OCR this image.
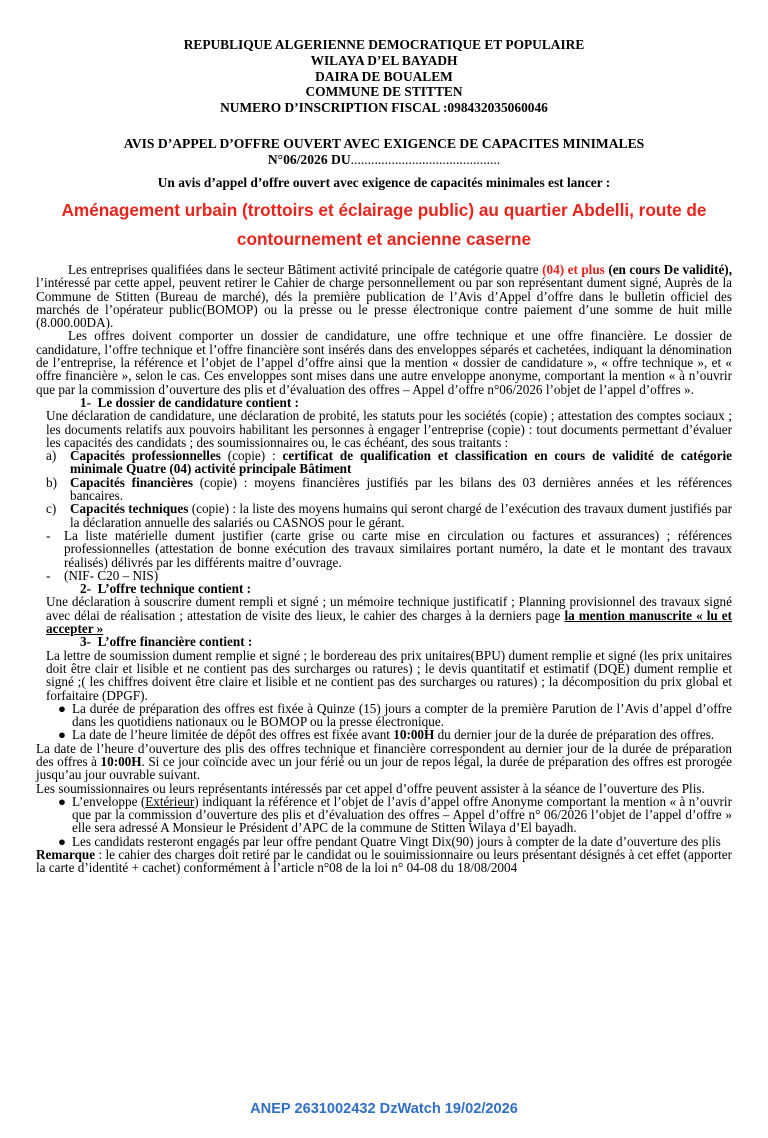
REPUBLIQUE ALGERIENNE DEMOCRATIQUE ET POPULAIRE
WILAYA D’EL BAYADH
DAIRA DE BOUALEM
COMMUNE DE STITTEN
NUMERO D’INSCRIPTION FISCAL :098432035060046
AVIS D’APPEL D’OFFRE OUVERT AVEC EXIGENCE DE CAPACITES MINIMALES
N°06/2026 DU............................................
Un avis d’appel d’offre ouvert avec exigence de capacités minimales est lancer :
Aménagement urbain (trottoirs et éclairage public) au quartier Abdelli, route de contournement et ancienne caserne

Les entreprises qualifiées dans le secteur Bâtiment activité principale de catégorie quatre (04) et plus (en cours De validité), l’intéressé par cette appel, peuvent retirer le Cahier de charge personnellement ou par son représentant dument signé, Auprès de la Commune de Stitten (Bureau de marché), dés la première publication de l’Avis d’Appel d’offre dans le bulletin officiel des marchés de l’opérateur public(BOMOP) ou la presse ou le presse électronique contre paiement d’une somme de huit mille (8.000.00DA).

Les offres doivent comporter un dossier de candidature, une offre technique et une offre financière. Le dossier de candidature, l’offre technique et l’offre financière sont insérés dans des enveloppes séparés et cachetées, indiquant la dénomination de l’entreprise, la référence et l’objet de l’appel d’offre ainsi que la mention « dossier de candidature », « offre technique », et « offre financière », selon le cas. Ces enveloppes sont mises dans une autre enveloppe anonyme, comportant la mention « à n’ouvrir que par la commission d’ouverture des plis et d’évaluation des offres – Appel d’offre n°06/2026 l’objet de l’appel d’offres ».

1- Le dossier de candidature contient :

Une déclaration de candidature, une déclaration de probité, les statuts pour les sociétés (copie) ; attestation des comptes sociaux ; les documents relatifs aux pouvoirs habilitant les personnes à engager l’entreprise (copie) : tout documents permettant d’évaluer les capacités des candidats ; des soumissionnaires ou, le cas échéant, des sous traitants :

a)	Capacités professionnelles (copie) : certificat de qualification et classification en cours de validité de catégorie minimale Quatre (04) activité principale Bâtiment
b) Capacités financières (copie) : moyens financières justifiés par les bilans des 03 dernières années et les références bancaires.
c)	Capacités techniques (copie) : la liste des moyens humains qui seront chargé de l’exécution des travaux dument justifiés par la déclaration annuelle des salariés ou CASNOS pour le gérant.
-	La liste matérielle dument justifier (carte grise ou carte mise en circulation ou factures et assurances) ; références professionnelles (attestation de bonne exécution des travaux similaires portant numéro, la date et le montant des travaux réalisés) délivrés par les différents maitre d’ouvrage.
-	(NIF- C20 – NIS)
2- L’offre technique contient :

Une déclaration à souscrire dument rempli et signé ; un mémoire technique justificatif ; Planning provisionnel des travaux signé avec délai de réalisation ; attestation de visite des lieux, le cahier des charges à la derniers page la mention manuscrite « lu et accepter »

3- L’offre financière contient :

La lettre de soumission dument remplie et signé ; le bordereau des prix unitaires(BPU) dument remplie et signé (les prix unitaires doit être clair et lisible et ne contient pas des surcharges ou ratures) ; le devis quantitatif et estimatif (DQE) dument remplie et signé ;( les chiffres doivent être claire et lisible et ne contient pas des surcharges ou ratures) ; la décomposition du prix global et forfaitaire (DPGF).

● La durée de préparation des offres est fixée à Quinze (15) jours a compter de la première Parution de l’Avis d’appel d’offre dans les quotidiens nationaux ou le BOMOP ou la presse électronique.
● La date de l’heure limitée de dépôt des offres est fixée avant 10:00H du dernier jour de la durée de préparation des offres.

La date de l’heure d’ouverture des plis des offres technique et financière correspondent au dernier jour de la durée de préparation des offres à 10:00H. Si ce jour coïncide avec un jour férié ou un jour de repos légal, la durée de préparation des offres est prorogée jusqu’au jour ouvrable suivant.

Les soumissionnaires ou leurs représentants intéressés par cet appel d’offre peuvent assister à la séance de l’ouverture des Plis.

● L’enveloppe (Extérieur) indiquant la référence et l’objet de l’avis d’appel offre Anonyme comportant la mention « à n’ouvrir que par la commission d’ouverture des plis et d’évaluation des offres – Appel d’offre n° 06/2026 l’objet de l’appel d’offre » elle sera adressé A Monsieur le Président d’APC de la commune de Stitten Wilaya d’El bayadh.
● Les candidats resteront engagés par leur offre pendant Quatre Vingt Dix(90) jours à compter de la date d’ouverture des plis

Remarque : le cahier des charges doit retiré par le candidat ou le souimissionnaire ou leurs présentant désignés à cet effet (apporter la carte d’identité + cachet) conformément à l’article n°08 de la loi n° 04-08 du 18/08/2004

ANEP 2631002432 DzWatch 19/02/2026
